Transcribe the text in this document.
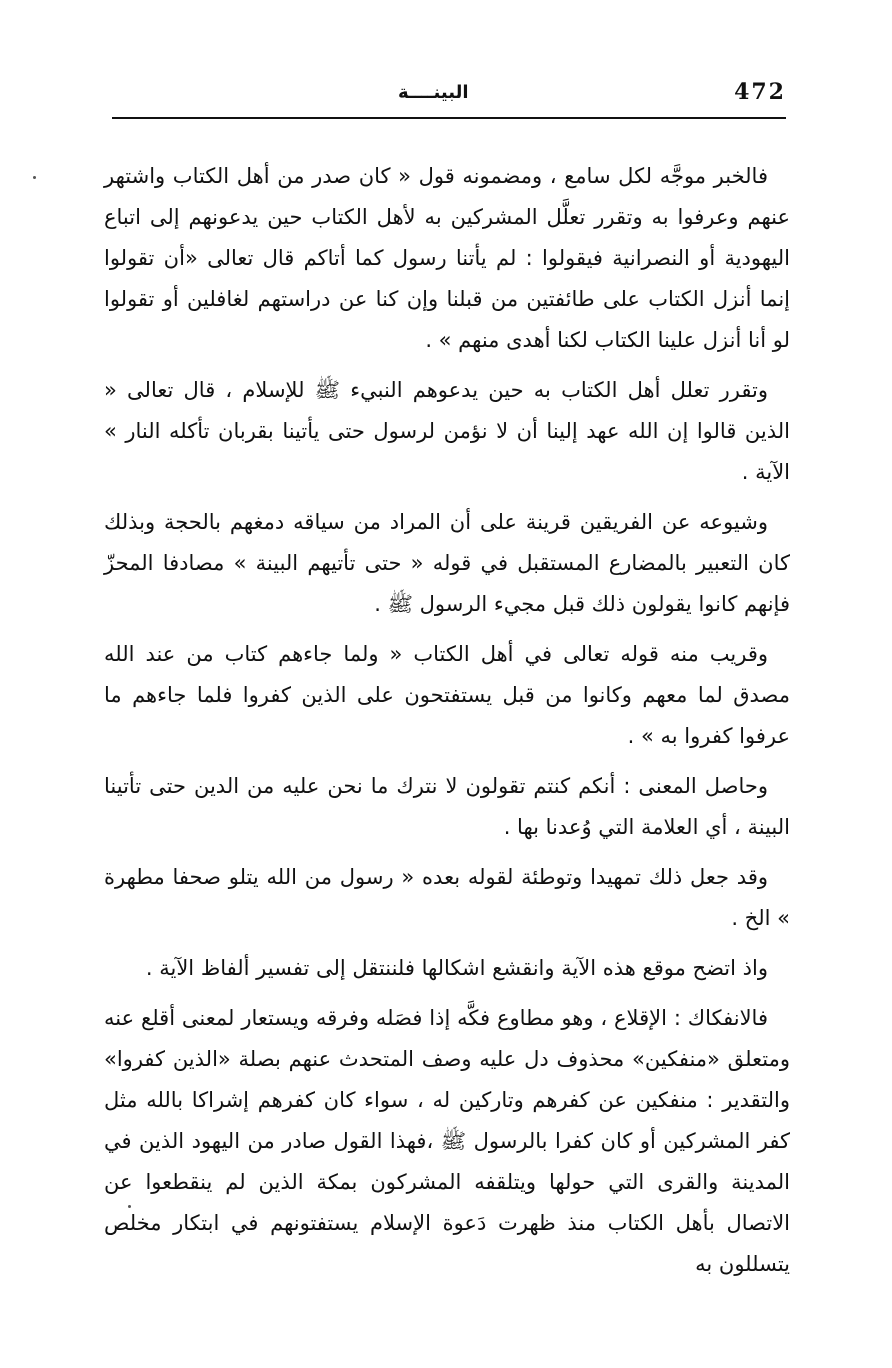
البينــــة	472

فالخبر موجَّه لكل سامع ، ومضمونه قول « كان صدر من أهل الكتاب واشتهر عنهم وعرفوا به وتقرر تعلَّل المشركين به لأهل الكتاب حين يدعونهم إلى اتباع اليهودية أو النصرانية فيقولوا : لم يأتنا رسول كما أتاكم قال تعالى «أن تقولوا إنما أنزل الكتاب على طائفتين من قبلنا وإن كنا عن دراستهم لغافلين أو تقولوا لو أنا أنزل علينا الكتاب لكنا أهدى منهم » .

وتقرر تعلل أهل الكتاب به حين يدعوهم النبيء ﷺ للإسلام ، قال تعالى « الذين قالوا إن الله عهد إلينا أن لا نؤمن لرسول حتى يأتينا بقربان تأكله النار » الآية .

وشيوعه عن الفريقين قرينة على أن المراد من سياقه دمغهم بالحجة وبذلك كان التعبير بالمضارع المستقبل في قوله « حتى تأتيهم البينة » مصادفا المحزّ فإنهم كانوا يقولون ذلك قبل مجيء الرسول ﷺ .

وقريب منه قوله تعالى في أهل الكتاب « ولما جاءهم كتاب من عند الله مصدق لما معهم وكانوا من قبل يستفتحون على الذين كفروا فلما جاءهم ما عرفوا كفروا به » .

وحاصل المعنى : أنكم كنتم تقولون لا نترك ما نحن عليه من الدين حتى تأتينا البينة ، أي العلامة التي وُعدنا بها .

وقد جعل ذلك تمهيدا وتوطئة لقوله بعده « رسول من الله يتلو صحفا مطهرة » الخ .

واذ اتضح موقع هذه الآية وانقشع اشكالها فلننتقل إلى تفسير ألفاظ الآية .

فالانفكاك : الإقلاع ، وهو مطاوع فكَّه إذا فصَله وفرقه ويستعار لمعنى أقلع عنه ومتعلق «منفكين» محذوف دل عليه وصف المتحدث عنهم بصلة «الذين كفروا» والتقدير : منفكين عن كفرهم وتاركين له ، سواء كان كفرهم إشراكا بالله مثل كفر المشركين أو كان كفرا بالرسول ﷺ ،فهذا القول صادر من اليهود الذين في المدينة والقرى التي حولها ويتلقفه المشركون بمكة الذين لم ينقطعوا عن الاتصال بأهل الكتاب منذ ظهرت دَعوة الإسلام يستفتونهم في ابتكار مخلص يتسللون به
